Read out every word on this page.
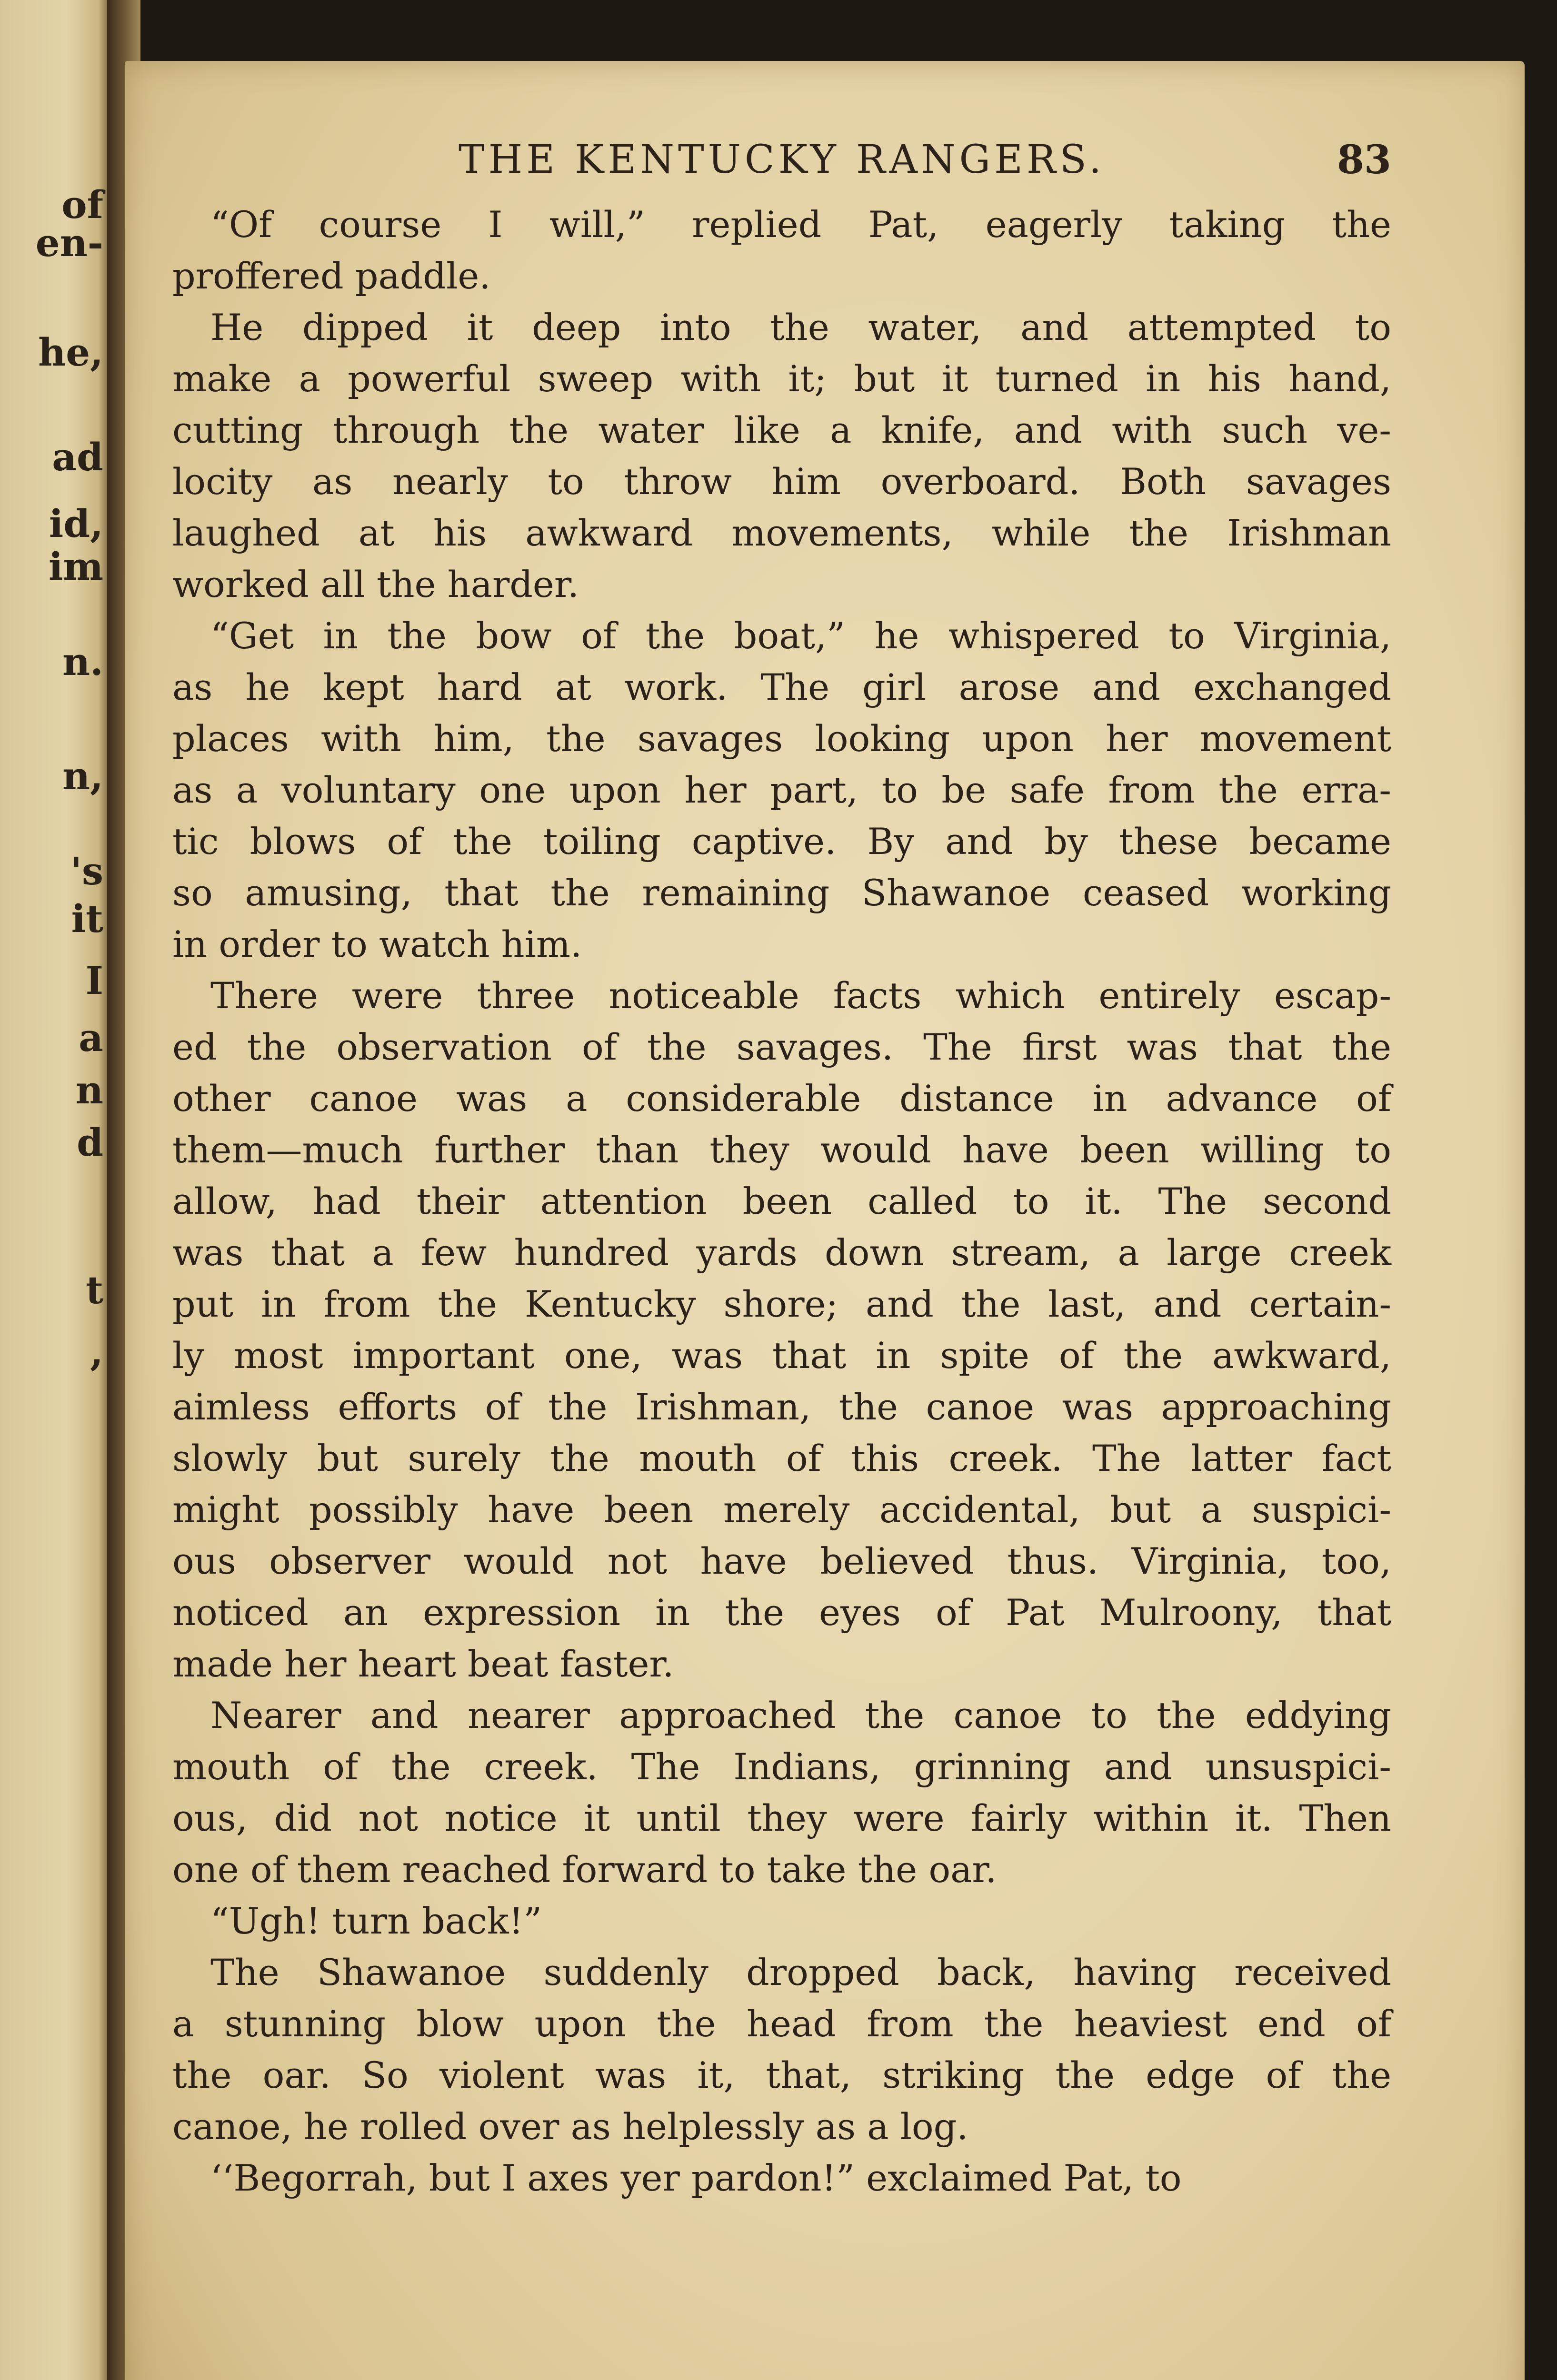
of
en-
he,
ad
id,
im
n.
n,
's
it
I
a
n
d
t
,
THE KENTUCKY RANGERS.	83
“Of course I will,” replied Pat, eagerly taking the
proffered paddle.
He dipped it deep into the water, and attempted to
make a powerful sweep with it; but it turned in his hand,
cutting through the water like a knife, and with such ve-
locity as nearly to throw him overboard. Both savages
laughed at his awkward movements, while the Irishman
worked all the harder.
“Get in the bow of the boat,” he whispered to Virginia,
as he kept hard at work. The girl arose and exchanged
places with him, the savages looking upon her movement
as a voluntary one upon her part, to be safe from the erra-
tic blows of the toiling captive. By and by these became
so amusing, that the remaining Shawanoe ceased working
in order to watch him.
There were three noticeable facts which entirely escap-
ed the observation of the savages. The first was that the
other canoe was a considerable distance in advance of
them—much further than they would have been willing to
allow, had their attention been called to it. The second
was that a few hundred yards down stream, a large creek
put in from the Kentucky shore; and the last, and certain-
ly most important one, was that in spite of the awkward,
aimless efforts of the Irishman, the canoe was approaching
slowly but surely the mouth of this creek. The latter fact
might possibly have been merely accidental, but a suspici-
ous observer would not have believed thus. Virginia, too,
noticed an expression in the eyes of Pat Mulroony, that
made her heart beat faster.
Nearer and nearer approached the canoe to the eddying
mouth of the creek. The Indians, grinning and unsuspici-
ous, did not notice it until they were fairly within it. Then
one of them reached forward to take the oar.
“Ugh! turn back!”
The Shawanoe suddenly dropped back, having received
a stunning blow upon the head from the heaviest end of
the oar. So violent was it, that, striking the edge of the
canoe, he rolled over as helplessly as a log.
‘‘Begorrah, but I axes yer pardon!” exclaimed Pat, to
